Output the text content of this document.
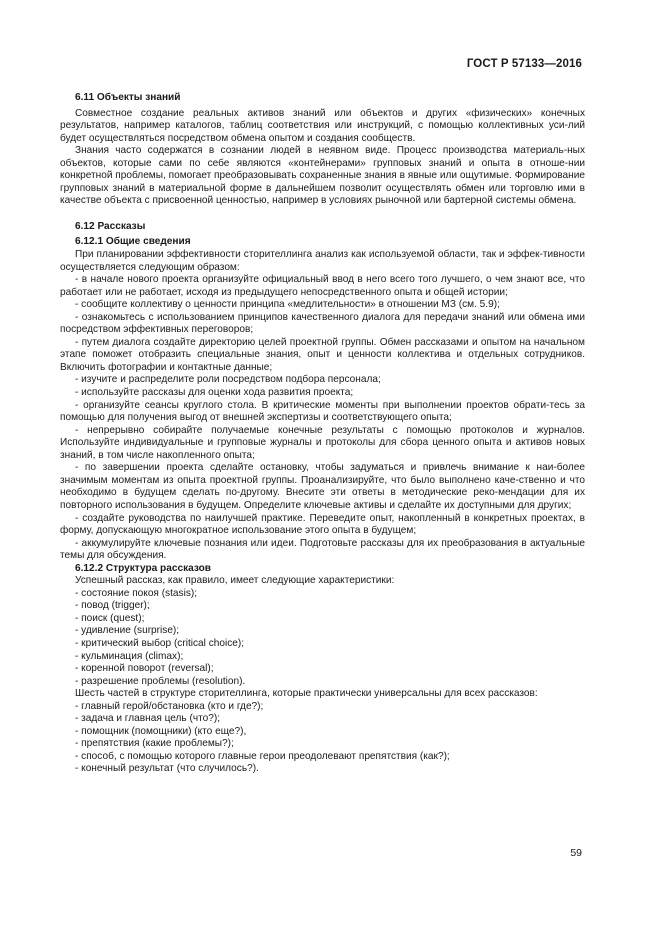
ГОСТ Р 57133—2016
6.11 Объекты знаний

Совместное создание реальных активов знаний или объектов и других «физических» конечных результатов, например каталогов, таблиц соответствия или инструкций, с помощью коллективных уси-лий будет осуществляться посредством обмена опытом и создания сообществ.

Знания часто содержатся в сознании людей в неявном виде. Процесс производства материаль-ных объектов, которые сами по себе являются «контейнерами» групповых знаний и опыта в отноше-нии конкретной проблемы, помогает преобразовывать сохраненные знания в явные или ощутимые. Формирование групповых знаний в материальной форме в дальнейшем позволит осуществлять обмен или торговлю ими в качестве объекта с присвоенной ценностью, например в условиях рыночной или бартерной системы обмена.

6.12 Рассказы
6.12.1 Общие сведения

При планировании эффективности сторителлинга анализ как используемой области, так и эффек-тивности осуществляется следующим образом:

- в начале нового проекта организуйте официальный ввод в него всего того лучшего, о чем знают все, что работает или не работает, исходя из предыдущего непосредственного опыта и общей истории;

- сообщите коллективу о ценности принципа «медлительности» в отношении МЗ (см. 5.9);

- ознакомьтесь с использованием принципов качественного диалога для передачи знаний или обмена ими посредством эффективных переговоров;

- путем диалога создайте директорию целей проектной группы. Обмен рассказами и опытом на начальном этапе поможет отобразить специальные знания, опыт и ценности коллектива и отдельных сотрудников. Включить фотографии и контактные данные;

- изучите и распределите роли посредством подбора персонала;

- используйте рассказы для оценки хода развития проекта;

- организуйте сеансы круглого стола. В критические моменты при выполнении проектов обрати-тесь за помощью для получения выгод от внешней экспертизы и соответствующего опыта;

- непрерывно собирайте получаемые конечные результаты с помощью протоколов и журналов. Используйте индивидуальные и групповые журналы и протоколы для сбора ценного опыта и активов новых знаний, в том числе накопленного опыта;

- по завершении проекта сделайте остановку, чтобы задуматься и привлечь внимание к наи-более значимым моментам из опыта проектной группы. Проанализируйте, что было выполнено каче-ственно и что необходимо в будущем сделать по-другому. Внесите эти ответы в методические реко-мендации для их повторного использования в будущем. Определите ключевые активы и сделайте их доступными для других;

- создайте руководства по наилучшей практике. Переведите опыт, накопленный в конкретных проектах, в форму, допускающую многократное использование этого опыта в будущем;

- аккумулируйте ключевые познания или идеи. Подготовьте рассказы для их преобразования в актуальные темы для обсуждения.

6.12.2 Структура рассказов

Успешный рассказ, как правило, имеет следующие характеристики:

- состояние покоя (stasis);

- повод (trigger);

- поиск (quest);

- удивление (surprise);

- критический выбор (critical choice);

- кульминация (climax);

- коренной поворот (reversal);

- разрешение проблемы (resolution).

Шесть частей в структуре сторителлинга, которые практически универсальны для всех рассказов:

- главный герой/обстановка (кто и где?);

- задача и главная цель (что?);

- помощник (помощники) (кто еще?),

- препятствия (какие проблемы?);

- способ, с помощью которого главные герои преодолевают препятствия (как?);

- конечный результат (что случилось?).

59
